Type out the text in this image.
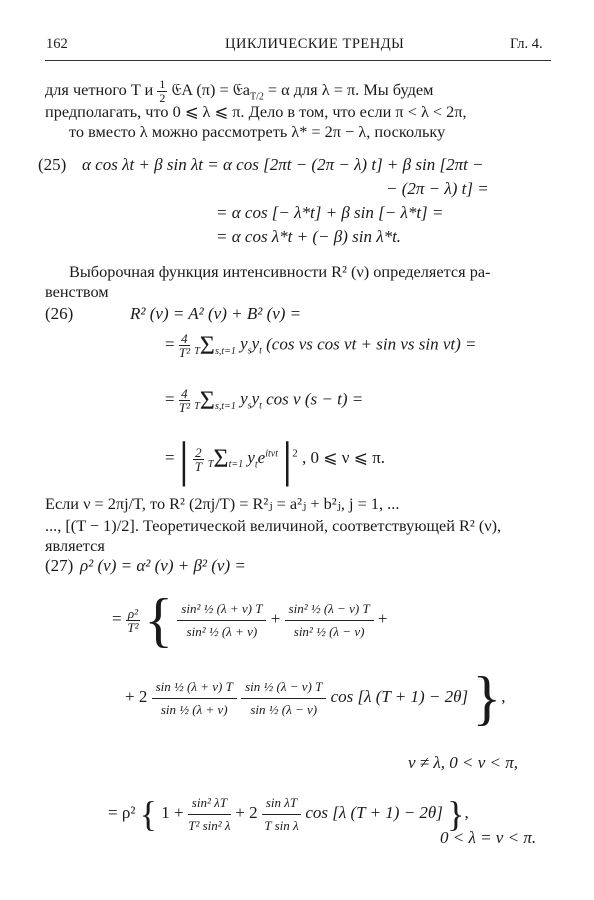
162	ЦИКЛИЧЕСКИЕ ТРЕНДЫ	Гл. 4.
для четного T и $\frac{1}{2}$ 𝔈A (π) = 𝔈a$_{T/2}$ = α для λ = π. Мы будем
предполагать, что 0 ⩽ λ ⩽ π. Дело в том, что если π < λ < 2π,
то вместо λ можно рассмотреть λ* = 2π − λ, поскольку
(25) α cos λt + β sin λt = α cos [2πt − (2π − λ) t] + β sin [2πt −
− (2π − λ) t] =
= α cos [− λ*t] + β sin [− λ*t] =
= α cos λ*t + (− β) sin λ*t.
Выборочная функция интенсивности R² (ν) определяется ра-
венством
(26)	R² (ν) = A² (ν) + B² (ν) =
= $\frac{4}{\text{T²}} T\Sigma s,t=1$ $y_sy_t$ (cos νs cos νt + sin νs sin νt) =
= $\frac{4}{\text{T²}} T\Sigma s,t=1$ $y_sy_t$ cos ν (s − t) =
= | $\frac{2}{T} T\Sigma t=1$ $y_te^{it\nu t}$ $|^2$ , 0 ⩽ ν ⩽ π.
Если ν = 2πj/T, то R² (2πj/T) = R²ⱼ = a²ⱼ + b²ⱼ, j = 1, ...
..., [(T − 1)/2]. Теоретической величиной, соответствующей R² (ν),
является
(27) ρ² (ν) = α² (ν) + β² (ν) =
= $\frac{\text{ρ²}}{\text{T²}}$ { $\frac{\text{sin² ½ (λ + ν) T}}{\text{sin² ½ (λ + ν)}} + \frac{\text{sin² ½ (λ − ν) T}}{\text{sin² ½ (λ − ν)}}$ +
+ $2 \frac{\text{sin ½ (λ + ν) T}}{\text{sin ½ (λ + ν)}}$
$\frac{\text{sin ½ (λ − ν) T}}{\text{sin ½ (λ − ν)}}$ cos [λ (T + 1) − 2θ] },
ν ≠ λ, 0 < ν < π,
= ρ² { $1 + \frac{\text{sin² λT}}{\text{T² sin² λ}} + 2 \frac{\text{sin λT}}{\text{T sin λ}}$ cos [λ (T + 1) − 2θ] },
0 < λ = ν < π.
